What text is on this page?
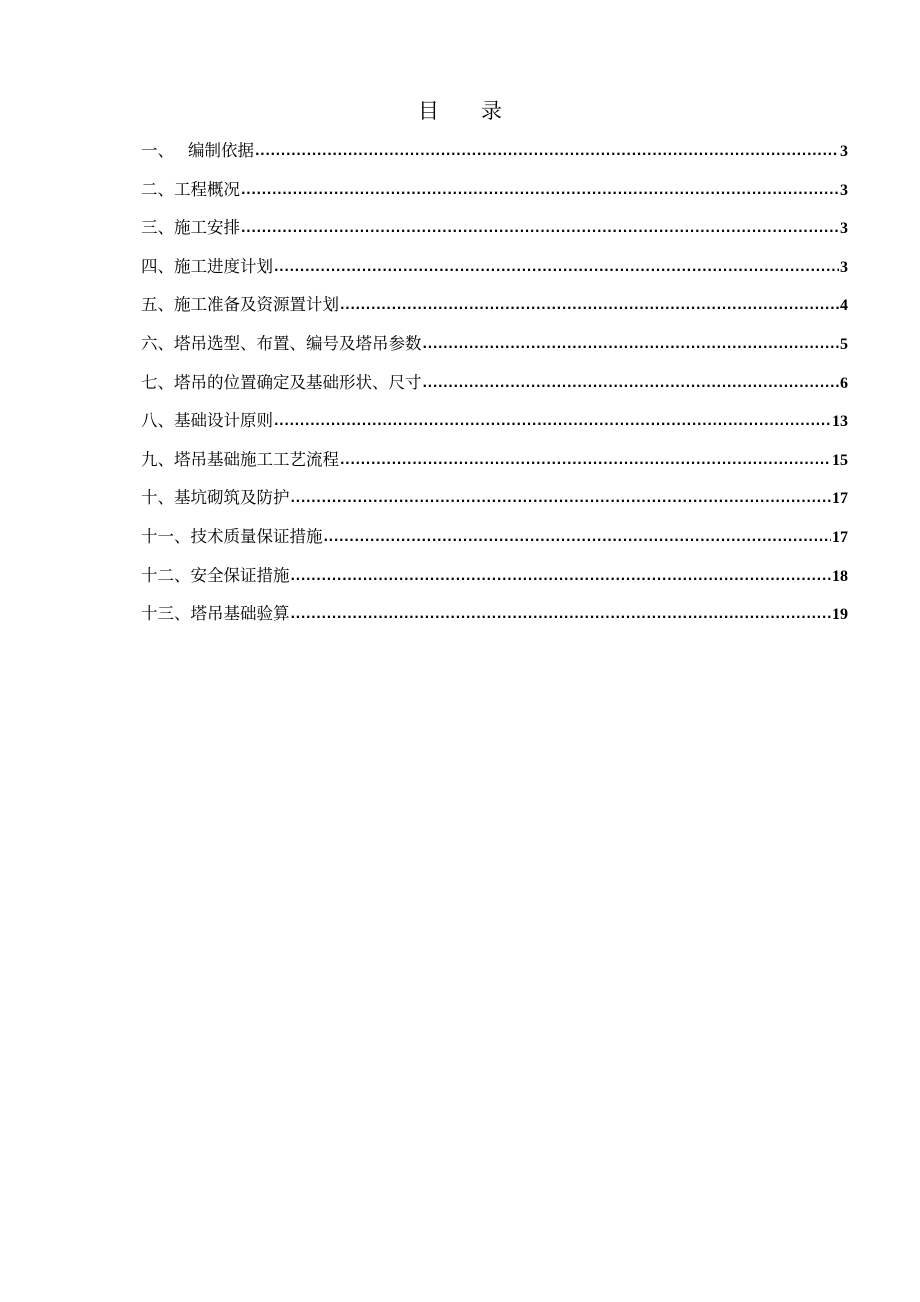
目 录
一、 编制依据 .....	3
二、工程概况 .....	3
三、施工安排 .....	3
四、施工进度计划 .....	3
五、施工准备及资源置计划 .....	4
六、塔吊选型、布置、编号及塔吊参数 .....	5
七、塔吊的位置确定及基础形状、尺寸 .....	6
八、基础设计原则 .....	13
九、塔吊基础施工工艺流程 .....	15
十、基坑砌筑及防护 .....	17
十一、技术质量保证措施 .....	17
十二、安全保证措施 .....	18
十三、塔吊基础验算 .....	19
